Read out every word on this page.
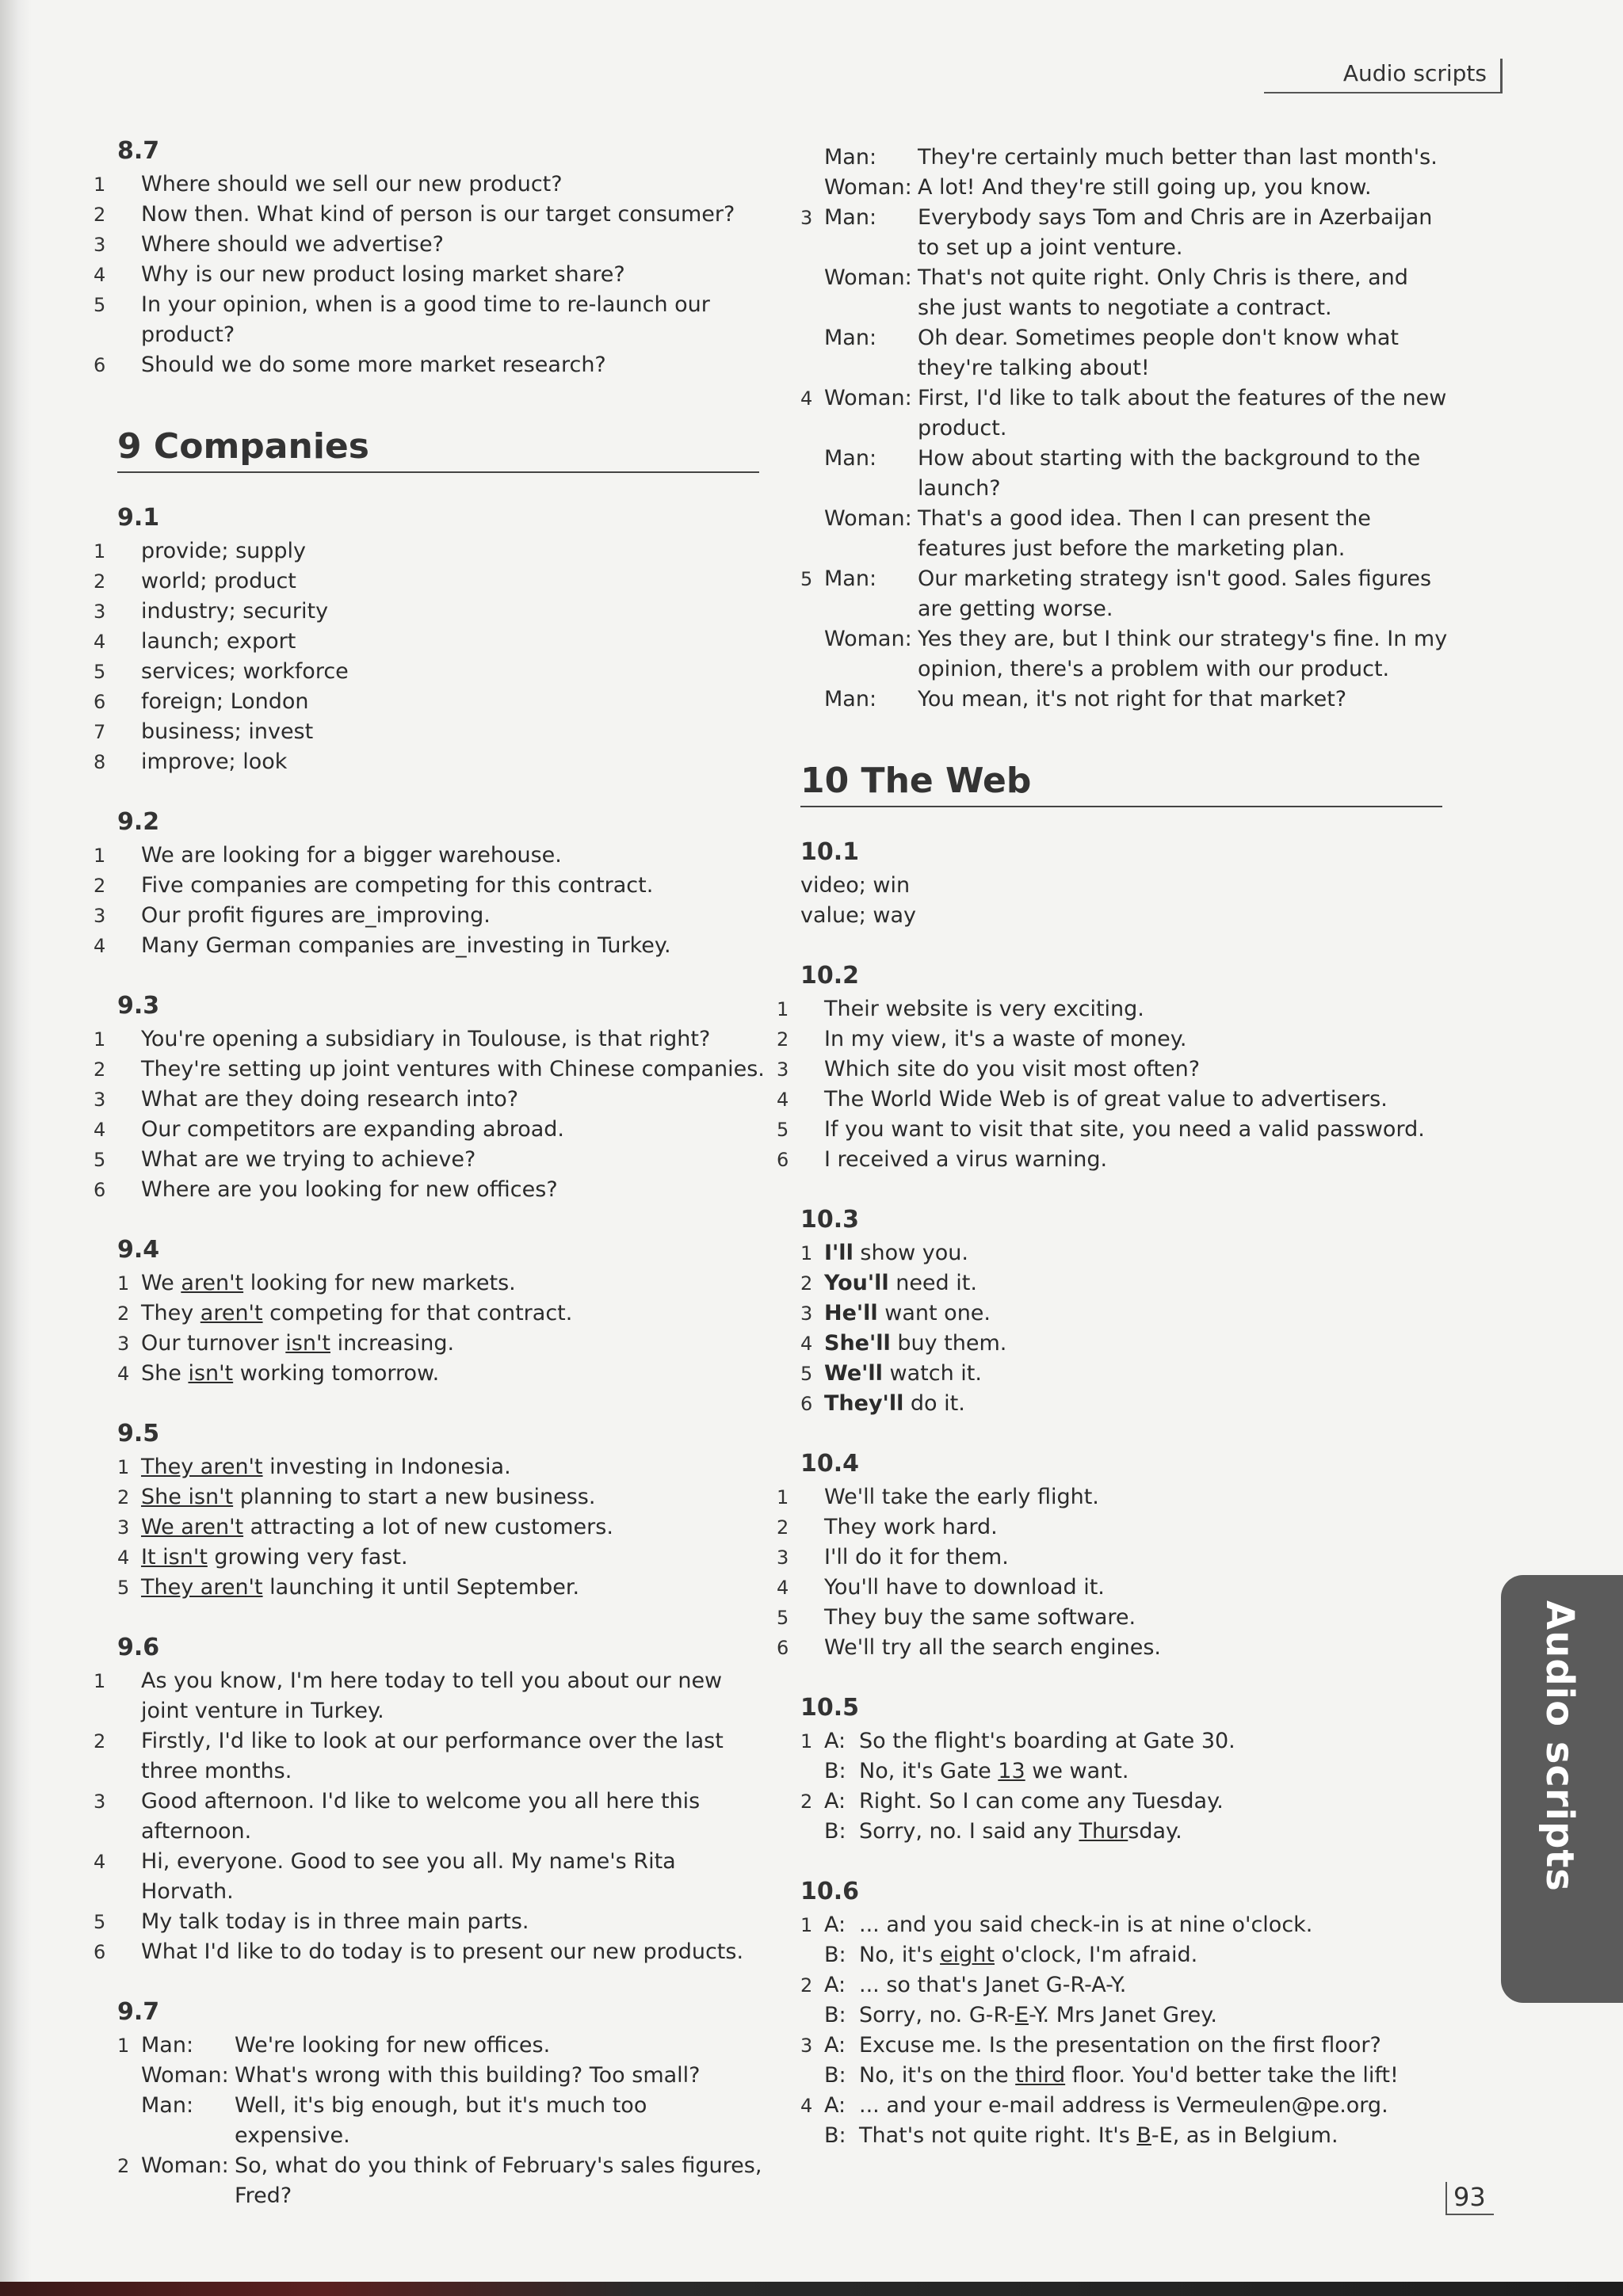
Audio scripts
8.7
1 Where should we sell our new product?
2 Now then. What kind of person is our target consumer?
3 Where should we advertise?
4 Why is our new product losing market share?
5 In your opinion, when is a good time to re-launch our product?
6 Should we do some more market research?
9 Companies
9.1
1 provide; supply
2 world; product
3 industry; security
4 launch; export
5 services; workforce
6 foreign; London
7 business; invest
8 improve; look
9.2
1 We are looking for a bigger warehouse.
2 Five companies are competing for this contract.
3 Our profit figures are_improving.
4 Many German companies are_investing in Turkey.
9.3
1 You're opening a subsidiary in Toulouse, is that right?
2 They're setting up joint ventures with Chinese companies.
3 What are they doing research into?
4 Our competitors are expanding abroad.
5 What are we trying to achieve?
6 Where are you looking for new offices?
9.4
1 We aren't looking for new markets.
2 They aren't competing for that contract.
3 Our turnover isn't increasing.
4 She isn't working tomorrow.
9.5
1 They aren't investing in Indonesia.
2 She isn't planning to start a new business.
3 We aren't attracting a lot of new customers.
4 It isn't growing very fast.
5 They aren't launching it until September.
9.6
1 As you know, I'm here today to tell you about our new joint venture in Turkey.
2 Firstly, I'd like to look at our performance over the last three months.
3 Good afternoon. I'd like to welcome you all here this afternoon.
4 Hi, everyone. Good to see you all. My name's Rita Horvath.
5 My talk today is in three main parts.
6 What I'd like to do today is to present our new products.
9.7
1 Man:	We're looking for new offices.
Woman: What's wrong with this building? Too small?
Man:	Well, it's big enough, but it's much too expensive.
2 Woman: So, what do you think of February's sales figures, Fred?
Man:	They're certainly much better than last month's.
Woman: A lot! And they're still going up, you know.
3 Man:	Everybody says Tom and Chris are in Azerbaijan to set up a joint venture.
Woman: That's not quite right. Only Chris is there, and she just wants to negotiate a contract.
Man:	Oh dear. Sometimes people don't know what they're talking about!
4 Woman: First, I'd like to talk about the features of the new product.
Man:	How about starting with the background to the launch?
Woman: That's a good idea. Then I can present the features just before the marketing plan.
5 Man:	Our marketing strategy isn't good. Sales figures are getting worse.
Woman: Yes they are, but I think our strategy's fine. In my opinion, there's a problem with our product.
Man:	You mean, it's not right for that market?
10 The Web
10.1
video; win
value; way
10.2
1 Their website is very exciting.
2 In my view, it's a waste of money.
3 Which site do you visit most often?
4 The World Wide Web is of great value to advertisers.
5 If you want to visit that site, you need a valid password.
6 I received a virus warning.
10.3
1 I'll show you.
2 You'll need it.
3 He'll want one.
4 She'll buy them.
5 We'll watch it.
6 They'll do it.
10.4
1 We'll take the early flight.
2 They work hard.
3 I'll do it for them.
4 You'll have to download it.
5 They buy the same software.
6 We'll try all the search engines.
10.5
1 A: So the flight's boarding at Gate 30.
B: No, it's Gate 13 we want.
2 A: Right. So I can come any Tuesday.
B: Sorry, no. I said any Thursday.
10.6
1 A: ... and you said check-in is at nine o'clock.
B: No, it's eight o'clock, I'm afraid.
2 A: ... so that's Janet G-R-A-Y.
B: Sorry, no. G-R-E-Y. Mrs Janet Grey.
3 A: Excuse me. Is the presentation on the first floor?
B: No, it's on the third floor. You'd better take the lift!
4 A: ... and your e-mail address is Vermeulen@pe.org.
B: That's not quite right. It's B-E, as in Belgium.
Audio scripts
93
